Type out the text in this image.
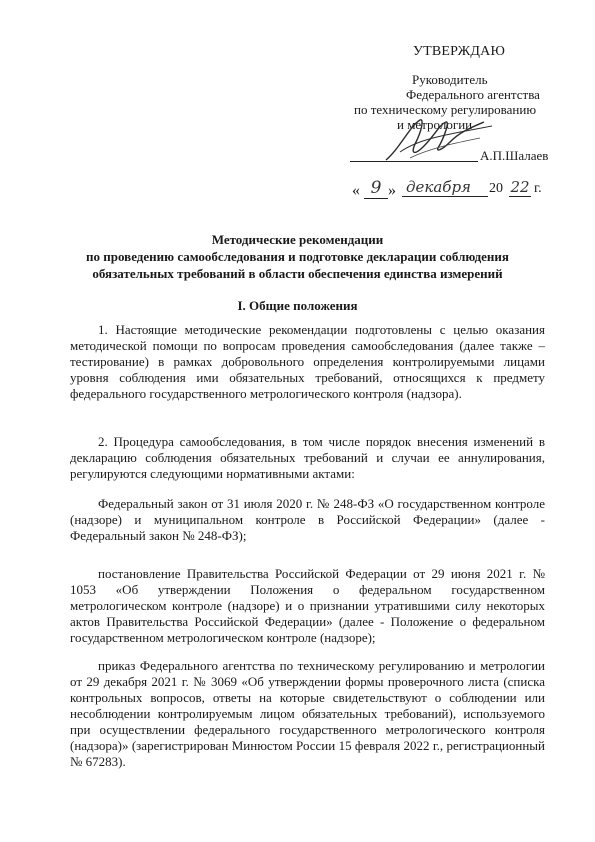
УТВЕРЖДАЮ
Руководитель
Федерального агентства
по техническому регулированию
и метрологии
А.П.Шалаев
« 9 » декабря	20 22 г.
Методические рекомендации
по проведению самообследования и подготовке декларации соблюдения
обязательных требований в области обеспечения единства измерений
I. Общие положения
1. Настоящие методические рекомендации подготовлены с целью оказания методической помощи по вопросам проведения самообследования (далее также – тестирование) в рамках добровольного определения контролируемыми лицами уровня соблюдения ими обязательных требований, относящихся к предмету федерального государственного метрологического контроля (надзора).
2. Процедура самообследования, в том числе порядок внесения изменений в декларацию соблюдения обязательных требований и случаи ее аннулирования, регулируются следующими нормативными актами:
Федеральный закон от 31 июля 2020 г. № 248-ФЗ «О государственном контроле (надзоре) и муниципальном контроле в Российской Федерации» (далее - Федеральный закон № 248-ФЗ);
постановление Правительства Российской Федерации от 29 июня 2021 г. № 1053 «Об утверждении Положения о федеральном государственном метрологическом контроле (надзоре) и о признании утратившими силу некоторых актов Правительства Российской Федерации» (далее - Положение о федеральном государственном метрологическом контроле (надзоре);
приказ Федерального агентства по техническому регулированию и метрологии от 29 декабря 2021 г. № 3069 «Об утверждении формы проверочного листа (списка контрольных вопросов, ответы на которые свидетельствуют о соблюдении или несоблюдении контролируемым лицом обязательных требований), используемого при осуществлении федерального государственного метрологического контроля (надзора)» (зарегистрирован Минюстом России 15 февраля 2022 г., регистрационный № 67283).
